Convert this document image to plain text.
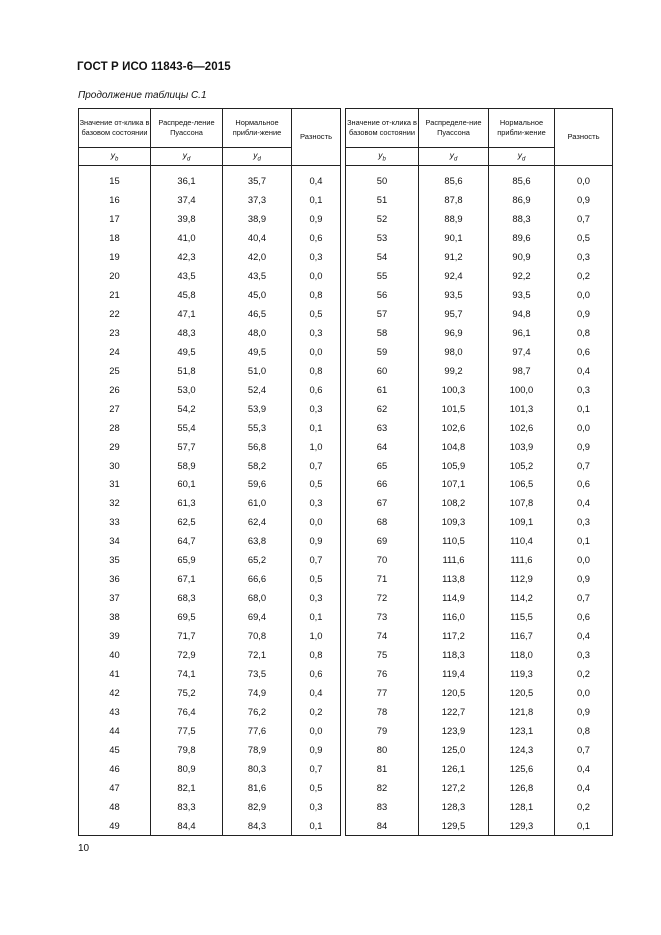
ГОСТ Р ИСО 11843-6—2015
Продолжение таблицы С.1
Значение от-клика в базовом состоянии	Распреде-ление Пуассона	Нормальное прибли-жение	Разность
$y_b$	$y_d$	$y_d$

15	36,1	35,7	0,4
16	37,4	37,3	0,1
17	39,8	38,9	0,9
18	41,0	40,4	0,6
19	42,3	42,0	0,3
20	43,5	43,5	0,0
21	45,8	45,0	0,8
22	47,1	46,5	0,5
23	48,3	48,0	0,3
24	49,5	49,5	0,0
25	51,8	51,0	0,8
26	53,0	52,4	0,6
27	54,2	53,9	0,3
28	55,4	55,3	0,1
29	57,7	56,8	1,0
30	58,9	58,2	0,7
31	60,1	59,6	0,5
32	61,3	61,0	0,3
33	62,5	62,4	0,0
34	64,7	63,8	0,9
35	65,9	65,2	0,7
36	67,1	66,6	0,5
37	68,3	68,0	0,3
38	69,5	69,4	0,1
39	71,7	70,8	1,0
40	72,9	72,1	0,8
41	74,1	73,5	0,6
42	75,2	74,9	0,4
43	76,4	76,2	0,2
44	77,5	77,6	0,0
45	79,8	78,9	0,9
46	80,9	80,3	0,7
47	82,1	81,6	0,5
48	83,3	82,9	0,3
49	84,4	84,3	0,1
Значение от-клика в базовом состоянии	Распределе-ние Пуассона	Нормальное прибли-жение	Разность
$y_b$	$y_d$	$y_d$

50	85,6	85,6	0,0
51	87,8	86,9	0,9
52	88,9	88,3	0,7
53	90,1	89,6	0,5
54	91,2	90,9	0,3
55	92,4	92,2	0,2
56	93,5	93,5	0,0
57	95,7	94,8	0,9
58	96,9	96,1	0,8
59	98,0	97,4	0,6
60	99,2	98,7	0,4
61	100,3	100,0	0,3
62	101,5	101,3	0,1
63	102,6	102,6	0,0
64	104,8	103,9	0,9
65	105,9	105,2	0,7
66	107,1	106,5	0,6
67	108,2	107,8	0,4
68	109,3	109,1	0,3
69	110,5	110,4	0,1
70	111,6	111,6	0,0
71	113,8	112,9	0,9
72	114,9	114,2	0,7
73	116,0	115,5	0,6
74	117,2	116,7	0,4
75	118,3	118,0	0,3
76	119,4	119,3	0,2
77	120,5	120,5	0,0
78	122,7	121,8	0,9
79	123,9	123,1	0,8
80	125,0	124,3	0,7
81	126,1	125,6	0,4
82	127,2	126,8	0,4
83	128,3	128,1	0,2
84	129,5	129,3	0,1
10
